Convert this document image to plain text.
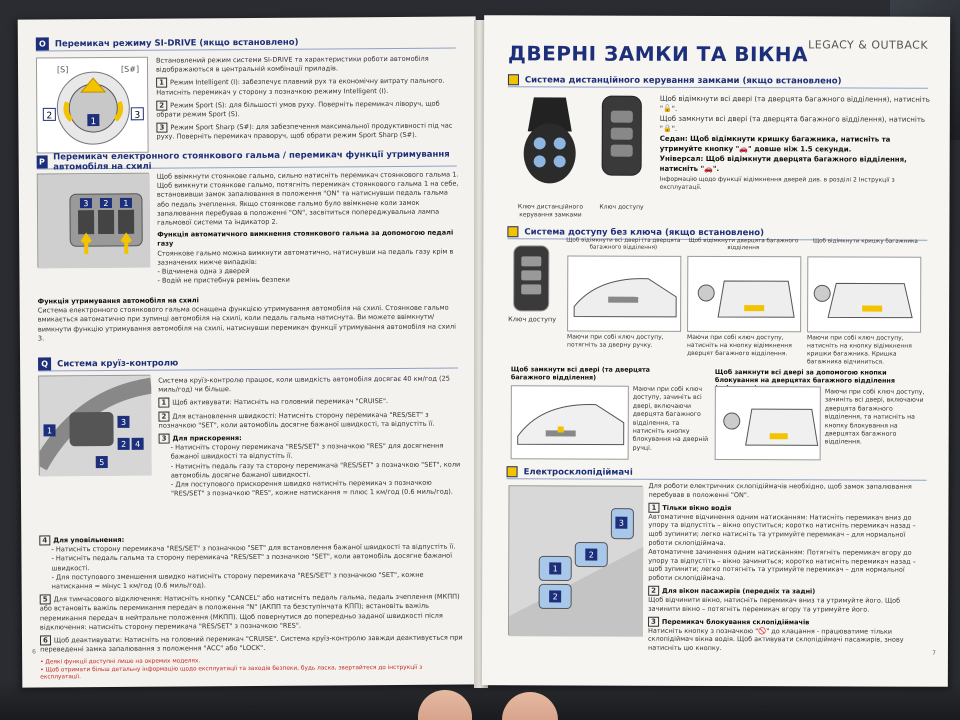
O	Перемикач режиму SI-DRIVE (якщо встановлено)
1
2	3
[S]	[S#]
Встановлений режим системи SI-DRIVE та характеристики роботи автомобіля відображаються в центральній комбінації приладів.
1 Режим Intelligent (I): забезпечує плавний рух та економічну витрату пального. Натисніть перемикач у сторону з позначкою режиму Intelligent (I).
2 Режим Sport (S): для більшості умов руху. Поверніть перемикач ліворуч, щоб обрати режим Sport (S).
3 Режим Sport Sharp (S#): для забезпечення максимальної продуктивності під час руху. Поверніть перемикач праворуч, щоб обрати режим Sport Sharp (S#).
P
Перемикач електронного стоянкового гальма / перемикач функції утримування автомобіля на схилі
3 2 1
Щоб ввімкнути стоянкове гальмо, сильно натисніть перемикач стоянкового гальма 1. Щоб вимкнути стоянкове гальмо, потягніть перемикач стоянкового гальма 1 на себе, встановивши замок запалювання в положення "ON" та натиснувши педаль гальма або педаль зчеплення. Якщо стоянкове гальмо було ввімкнене коли замок запалювання перебував в положенні "ON", засвітиться попереджувальна лампа гальмової системи та індикатор 2.
Функція автоматичного вимкнення стоянкового гальма за допомогою педалі газу
Стоянкове гальмо можна вимкнути автоматично, натиснувши на педаль газу крім в зазначених нижче випадків:
- Відчинена одна з дверей
- Водій не пристебнув ремінь безпеки
Функція утримування автомобіля на схилі
Система електронного стоянкового гальма оснащена функцією утримування автомобіля на схилі. Стоянкове гальмо вмикається автоматично при зупинці автомобіля на схилі, коли педаль гальма натиснута. Ви можете ввімкнути/вимкнути функцію утримування автомобіля на схилі, натиснувши перемикач функції утримування автомобіля на схилі 3.
Q	Система круїз-контролю
1
3
2 4
5
Система круїз-контролю працює, коли швидкість автомобіля досягає 40 км/год (25 миль/год) чи більше.
1 Щоб активувати: Натисніть на головний перемикач "CRUISE".
2 Для встановлення швидкості: Натисніть сторону перемикача "RES/SET" з позначкою "SET", коли автомобіль досягне бажаної швидкості, та відпустіть її.
3 Для прискорення:
- Натисніть сторону перемикача "RES/SET" з позначкою "RES" для досягнення бажаної швидкості та відпустіть її.
- Натисніть педаль газу та сторону перемикача "RES/SET" з позначкою "SET", коли автомобіль досягне бажаної швидкості.
- Для поступового прискорення швидко натисніть перемикач з позначкою "RES/SET" з позначкою "RES", кожне натискання = плюс 1 км/год (0.6 миль/год).
4 Для уповільнення:
- Натисніть сторону перемикача "RES/SET" з позначкою "SET" для встановлення бажаної швидкості та відпустіть її.
- Натисніть педаль гальма та сторону перемикача "RES/SET" з позначкою "SET", коли автомобіль досягне бажаної швидкості.
- Для поступового зменшення швидко натисніть сторону перемикача "RES/SET" з позначкою "SET", кожне натискання = мінус 1 км/год (0.6 миль/год).
5 Для тимчасового відключення: Натисніть кнопку "CANCEL" або натисніть педаль гальма, педаль зчеплення (МКПП) або встановіть важіль перемикання передач в положення "N" (АКПП та безступінчата КПП); встановіть важіль перемикання передач в нейтральне положення (МКПП). Щоб повернутися до попередньо заданої швидкості після відключення: натисніть сторону перемикача "RES/SET" з позначкою "RES".
6 Щоб деактивувати: Натисніть на головний перемикач "CRUISE". Система круїз-контролю завжди деактивується при переведенні замка запалювання з положення "ACC" або "LOCK".
• Деякі функції доступні лише на окремих моделях.
• Щоб отримати більш детальну інформацію щодо експлуатації та заходів безпеки, будь ласка, звертайтеся до інструкції з експлуатації.
6
LEGACY & OUTBACK
ДВЕРНІ ЗАМКИ ТА ВІКНА
Система дистанційного керування замками (якщо встановлено)
Ключ дистанційного керування замками
Ключ доступу
Щоб відімкнути всі двері (та дверцята багажного відділення), натисніть "🔓".
Щоб замкнути всі двері (та дверцята багажного відділення), натисніть "🔒".
Седан: Щоб відімкнути кришку багажника, натисніть та утримуйте кнопку "🚗" довше ніж 1.5 секунди.
Універсал: Щоб відімкнути дверцята багажного відділення, натисніть "🚗".
Інформацію щодо функції відімкнення дверей див. в розділі 2 Інструкції з експлуатації.
Система доступу без ключа (якщо встановлено)
Ключ доступу
Щоб відімкнути всі двері (та дверцята багажного відділення)
Щоб відімкнути дверцята багажного відділення
Щоб відімкнути кришку багажника
Маючи при собі ключ доступу, потягніть за дверну ручку.
Маючи при собі ключ доступу, натисніть на кнопку відімкнення дверцят багажного відділення.
Маючи при собі ключ доступу, натисніть на кнопку відімкнення кришки багажника. Кришка багажника відчиниться.
Щоб замкнути всі двері (та дверцята багажного відділення)
Маючи при собі ключ доступу, зачиніть всі двері, включаючи дверцята багажного відділення, та натисніть кнопку блокування на дверній ручці.
Щоб замкнути всі двері за допомогою кнопки блокування на дверцятах багажного відділення
Маючи при собі ключ доступу, зачиніть всі двері, включаючи дверцята багажного відділення, та натисніть на кнопку блокування на дверцятах багажного відділення.
Електросклопідіймачі
1
2
2
3
Для роботи електричних склопідіймачів необхідно, щоб замок запалювання перебував в положенні "ON".
1 Тільки вікно водія
Автоматичне відчинення одним натисканням: Натисніть перемикач вниз до упору та відпустіть – вікно опуститься; коротко натисніть перемикач назад – щоб зупинити; легко натисніть та утримуйте перемикач – для нормальної роботи склопідіймача.
Автоматичне зачинення одним натисканням: Потягніть перемикач вгору до упору та відпустіть – вікно зачиниться; коротко натисніть перемикач назад – щоб зупинити; легко потягніть та утримуйте перемикач – для нормальної роботи склопідіймача.
2 Для вікон пасажирів (передніх та задні)
Щоб відчинити вікно, натисніть перемикач вниз та утримуйте його. Щоб зачинити вікно – потягніть перемикач вгору та утримуйте його.
3 Перемикач блокування склопідіймачів
Натисніть кнопку з позначкою "🚫" до клацання - працюватиме тільки склопідіймач вікна водія. Щоб активувати склопідіймачі пасажирів, знову натисніть цю кнопку.
7
